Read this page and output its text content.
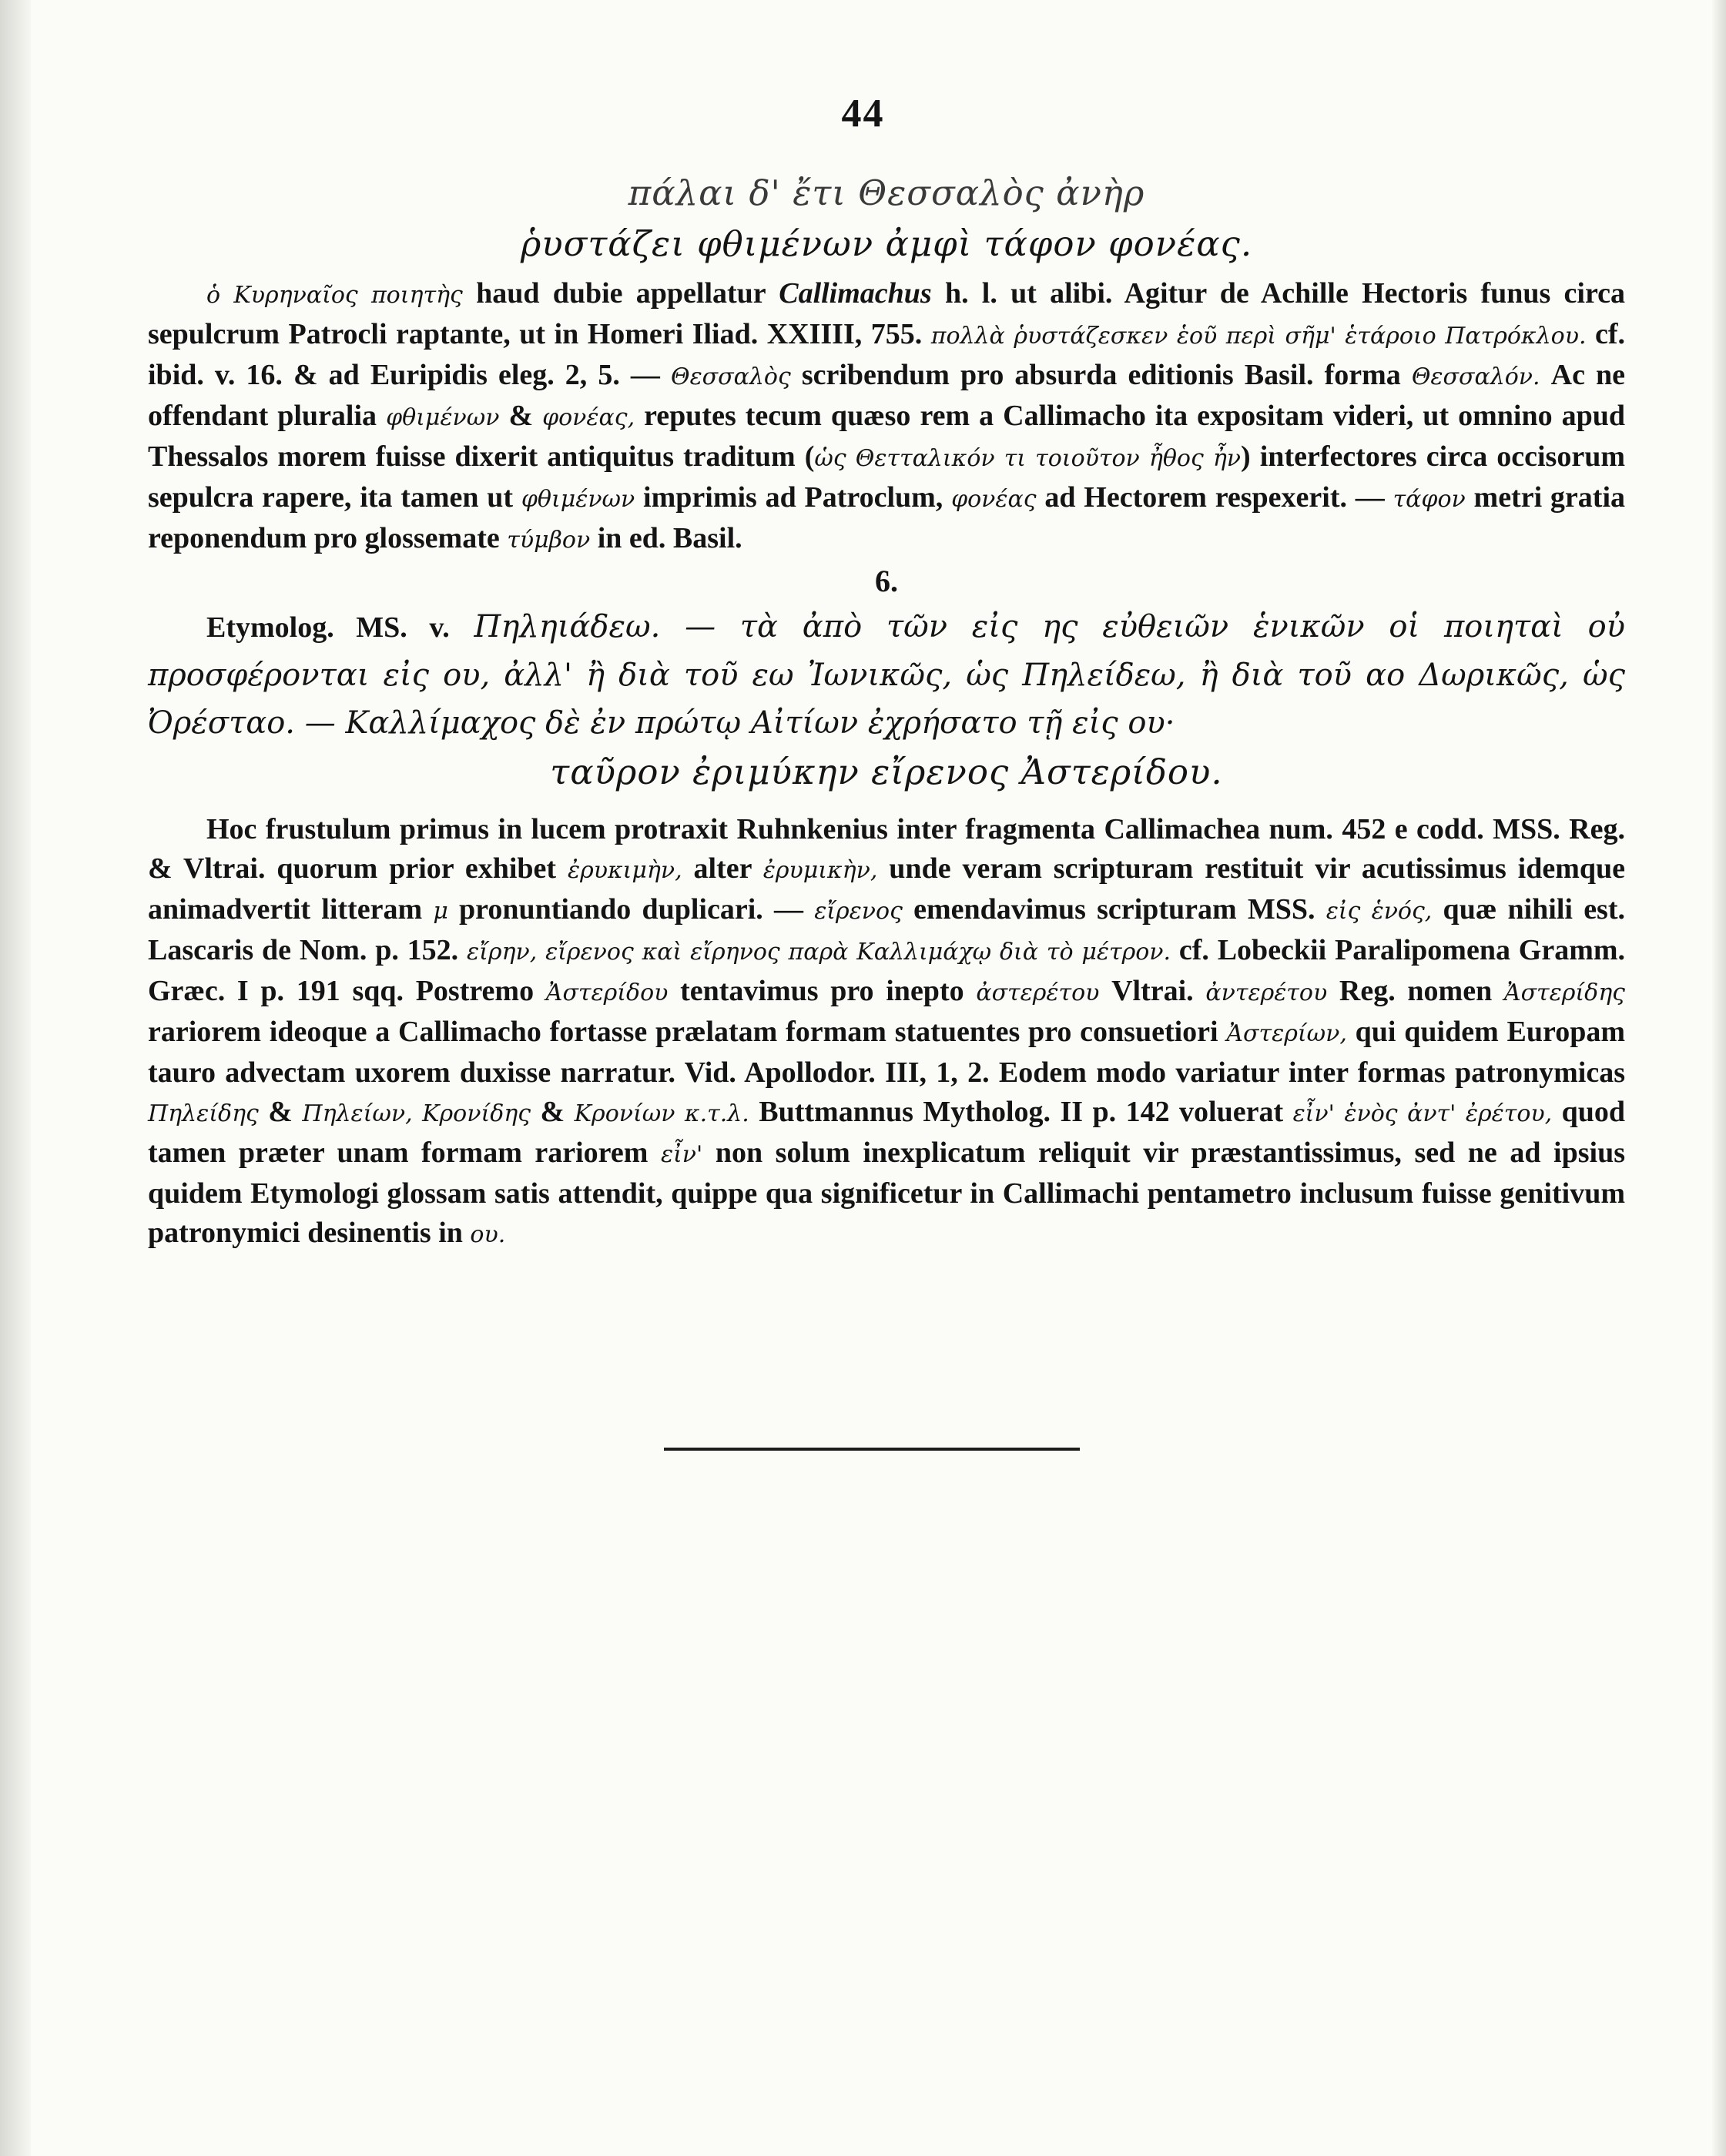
44
πάλαι δ' ἔτι Θεσσαλὸς ἀνὴρ
ῥυστάζει φθιμένων ἀμφὶ τάφον φονέας.

ὁ Κυρηναῖος ποιητὴς haud dubie appellatur Callimachus h. l. ut alibi. Agitur de Achille Hectoris funus circa sepulcrum Patrocli raptante, ut in Homeri Iliad. XXIIII, 755. πολλὰ ῥυστάζεσκεν ἑοῦ περὶ σῆμ' ἑτάροιο Πατρόκλου. cf. ibid. v. 16. & ad Euripidis eleg. 2, 5. — Θεσσαλὸς scribendum pro absurda editionis Basil. forma Θεσσαλόν. Ac ne offendant pluralia φθιμένων & φονέας, reputes tecum quæso rem a Callimacho ita expositam videri, ut omnino apud Thessalos morem fuisse dixerit antiquitus traditum (ὡς Θετταλικόν τι τοιοῦτον ἦθος ἦν) interfectores circa occisorum sepulcra rapere, ita tamen ut φθιμένων imprimis ad Patroclum, φονέας ad Hectorem respexerit. — τάφον metri gratia reponendum pro glossemate τύμβον in ed. Basil.

6.

Etymolog. MS. v. Πηληιάδεω. — τὰ ἀπὸ τῶν εἰς ης εὐθειῶν ἑνικῶν οἱ ποιηταὶ οὐ προσφέρονται εἰς ου, ἀλλ' ἢ διὰ τοῦ εω Ἰωνικῶς, ὡς Πηλείδεω, ἢ διὰ τοῦ αο Δωρικῶς, ὡς Ὀρέσταο. — Καλλίμαχος δὲ ἐν πρώτῳ Αἰτίων ἐχρήσατο τῇ εἰς ου·

ταῦρον ἐριμύκην εἴρενος Ἀστερίδου.

Hoc frustulum primus in lucem protraxit Ruhnkenius inter fragmenta Callimachea num. 452 e codd. MSS. Reg. & Vltrai. quorum prior exhibet ἐρυκιμὴν, alter ἐρυμικὴν, unde veram scripturam restituit vir acutissimus idemque animadvertit litteram μ pronuntiando duplicari. — εἴρενος emendavimus scripturam MSS. εἰς ἑνός, quæ nihili est. Lascaris de Nom. p. 152. εἴρην, εἴρενος καὶ εἴρηνος παρὰ Καλλιμάχῳ διὰ τὸ μέτρον. cf. Lobeckii Paralipomena Gramm. Græc. I p. 191 sqq. Postremo Ἀστερίδου tentavimus pro inepto ἀστερέτου Vltrai. ἀντερέτου Reg. nomen Ἀστερίδης rariorem ideoque a Callimacho fortasse prælatam formam statuentes pro consuetiori Ἀστερίων, qui quidem Europam tauro advectam uxorem duxisse narratur. Vid. Apollodor. III, 1, 2. Eodem modo variatur inter formas patronymicas Πηλείδης & Πηλείων, Κρονίδης & Κρονίων κ.τ.λ. Buttmannus Mytholog. II p. 142 voluerat εἶν' ἑνὸς ἀντ' ἐρέτου, quod tamen præter unam formam rariorem εἶν' non solum inexplicatum reliquit vir præstantissimus, sed ne ad ipsius quidem Etymologi glossam satis attendit, quippe qua significetur in Callimachi pentametro inclusum fuisse genitivum patronymici desinentis in ου.
